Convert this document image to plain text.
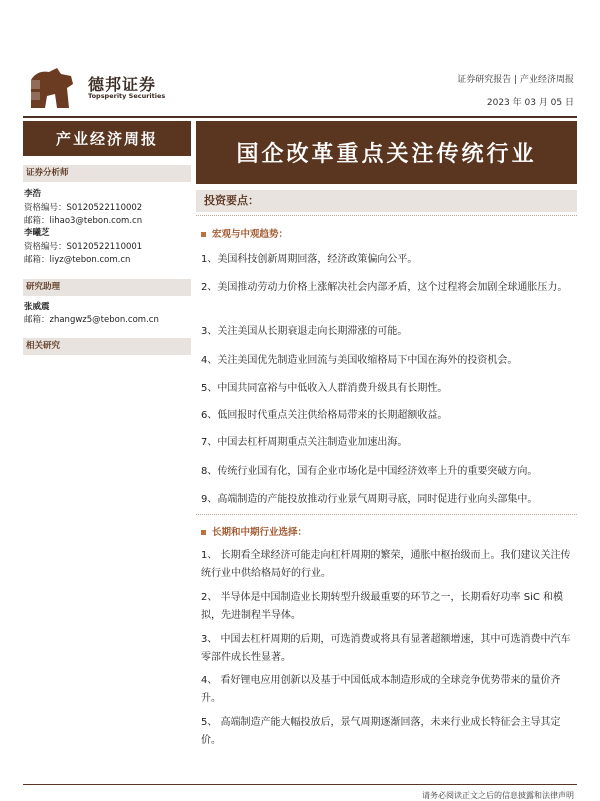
德邦证券
Topsperity Securities
证券研究报告 | 产业经济周报
2023 年 03 月 05 日
产业经济周报
国企改革重点关注传统行业
证券分析师
李浩
资格编号：S0120522110002
邮箱：lihao3@tebon.com.cn
李曦芝
资格编号：S0120522110001
邮箱：liyz@tebon.com.cn
研究助理
张威震
邮箱：zhangwz5@tebon.com.cn
相关研究
投资要点：
宏观与中观趋势：
1、美国科技创新周期回落，经济政策偏向公平。
2、美国推动劳动力价格上涨解决社会内部矛盾，这个过程将会加剧全球通胀压力。
3、关注美国从长期衰退走向长期滞涨的可能。
4、关注美国优先制造业回流与美国收缩格局下中国在海外的投资机会。
5、中国共同富裕与中低收入人群消费升级具有长期性。
6、低回报时代重点关注供给格局带来的长期超额收益。
7、中国去杠杆周期重点关注制造业加速出海。
8、传统行业国有化，国有企业市场化是中国经济效率上升的重要突破方向。
9、高端制造的产能投放推动行业景气周期寻底，同时促进行业向头部集中。
长期和中期行业选择：
1、 长期看全球经济可能走向杠杆周期的繁荣，通胀中枢抬级而上。我们建议关注传统行业中供给格局好的行业。
2、 半导体是中国制造业长期转型升级最重要的环节之一，长期看好功率 SiC 和模拟，先进制程半导体。
3、 中国去杠杆周期的后期，可选消费或将具有显著超额增速，其中可选消费中汽车零部件成长性显著。
4、 看好锂电应用创新以及基于中国低成本制造形成的全球竞争优势带来的量价齐升。
5、 高端制造产能大幅投放后，景气周期逐渐回落，未来行业成长特征会主导其定价。
请务必阅读正文之后的信息披露和法律声明
